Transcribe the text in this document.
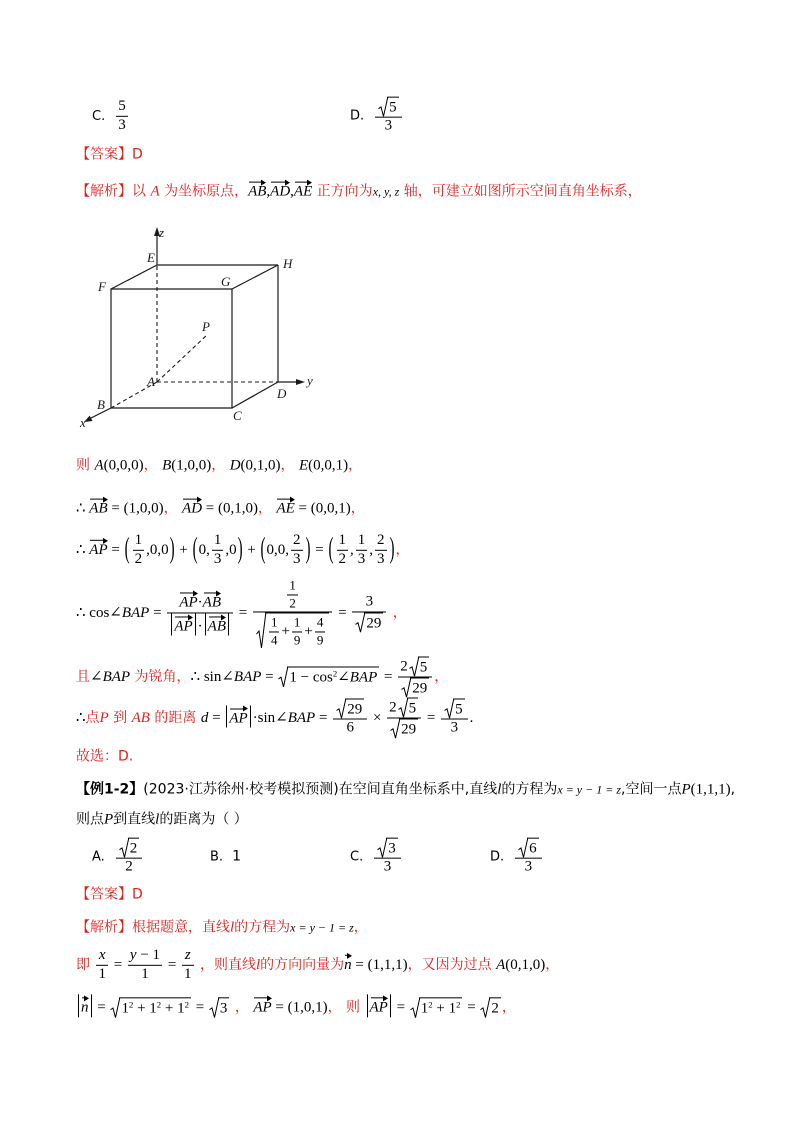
C. $\frac{5}{3}$	D. $\frac{5}{3}$
【答案】D
【解析】以 A 为坐标原点，AB,AD,AE 正方向为x, y, z 轴，可建立如图所示空间直角坐标系，
z
E	H
F	G
P
A	y
D
B
C
x
则 A(0,0,0)， B(1,0,0)， D(0,1,0)， E(0,0,1)，
∴ AB = (1,0,0)， AD = (0,1,0)， AE = (0,0,1)，
∴ AP = ( $\frac{1}{2} ,0,0) + (0$, $\frac{1}{3} ,0) + (0,0$, $\frac{2}{3}$ ) = ( $\frac{1}{2}$ , $\frac{1}{3}$ , $\frac{2}{3}$ )，
∴ cos∠BAP = $\frac{AP\cdot AB}{AP \cdot AB} = \frac{\frac{1}{2}}{\frac{1}{4} + \frac{1}{9} + \frac{4}{9}} = \frac{3}{29}$ ，
且∠BAP 为锐角，∴ sin∠BAP =
$1 - \cos^2\angle BAP = \frac{2 5}{29}$ ，
∴点P 到 AB 的距离 d = AP ·sin∠BAP = $\frac{29}{6} \times \frac{2 5}{29} = \frac{5}{3}$ .
故选：D.
【例1-2】(2023·江苏徐州·校考模拟预测)在空间直角坐标系中,直线l的方程为x = y − 1 = z,空间一点P(1,1,1),
则点P到直线l的距离为（ ）
A. $\frac{2}{2}$	B. 1	C. $\frac{3}{3}$	D. $\frac{6}{3}$
【答案】D
【解析】根据题意，直线l的方程为x = y − 1 = z，
即 $\frac{x}{1} = \frac{y - 1}{1} = \frac{z}{1}$ ，则直线l的方向向量为n = (1,1,1)，又因为过点 A(0,1,0)，
n =
$1^2 + 1^2 + 1^2$ =
3 ， AP = (1,0,1)， 则 AP =
$1^2 + 1^2$ =
2 ，
